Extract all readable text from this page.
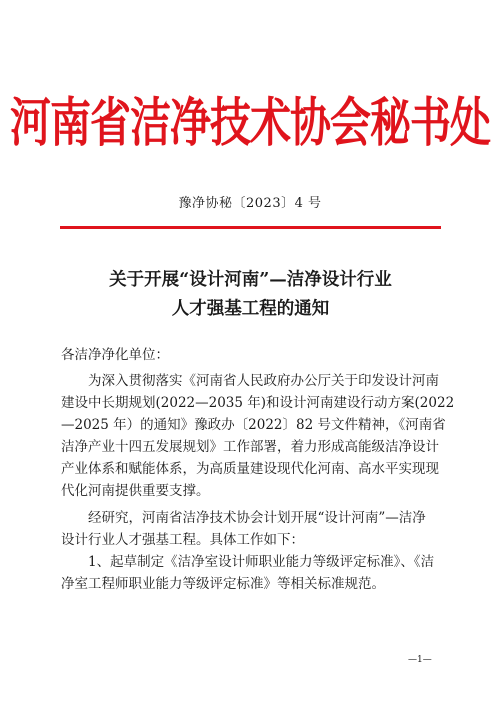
河南省洁净技术协会秘书处
豫净协秘〔2023〕4 号
关于开展“设计河南”—洁净设计行业
人才强基工程的通知
各洁净净化单位：
为深入贯彻落实《河南省人民政府办公厅关于印发设计河南
建设中长期规划(2022—2035 年)和设计河南建设行动方案(2022
—2025 年）的通知》豫政办〔2022〕82 号文件精神，《河南省
洁净产业十四五发展规划》工作部署，着力形成高能级洁净设计
产业体系和赋能体系，为高质量建设现代化河南、高水平实现现
代化河南提供重要支撑。
经研究，河南省洁净技术协会计划开展“设计河南”—洁净
设计行业人才强基工程。具体工作如下：
1、起草制定《洁净室设计师职业能力等级评定标准》、《洁
净室工程师职业能力等级评定标准》等相关标准规范。
—1—
